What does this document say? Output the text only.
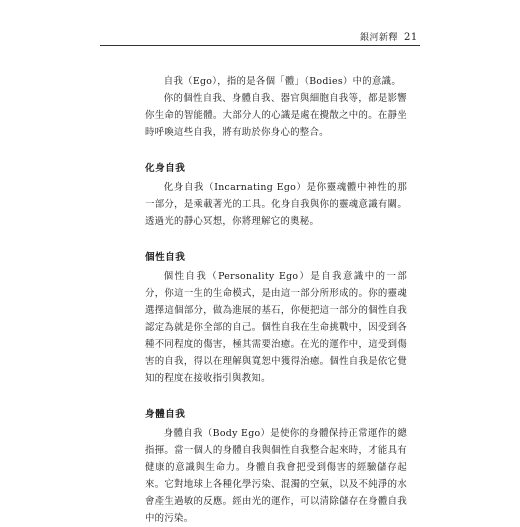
銀河新釋 21

自我（Ego），指的是各個「體」（Bodies）中的意識。

你的個性自我、身體自我、器官與細胞自我等，都是影響你生命的智能體。大部分人的心識是處在攪散之中的。在靜坐時呼喚這些自我，將有助於你身心的整合。

化身自我

化身自我（Incarnating Ego）是你靈魂體中神性的那一部分，是乘載著光的工具。化身自我與你的靈魂意識有關。透過光的靜心冥想，你將理解它的奧秘。

個性自我

個性自我（Personality Ego）是自我意識中的一部分，你這一生的生命模式，是由這一部分所形成的。你的靈魂選擇這個部分，做為進展的基石，你便把這一部分的個性自我認定為就是你全部的自己。個性自我在生命挑戰中，因受到各種不同程度的傷害，極其需要治癒。在光的運作中，這受到傷害的自我，得以在理解與寬恕中獲得治癒。個性自我是依它覺知的程度在接收指引與教知。

身體自我

身體自我（Body Ego）是使你的身體保持正常運作的總指揮。當一個人的身體自我與個性自我整合起來時，才能具有健康的意識與生命力。身體自我會把受到傷害的經驗儲存起來。它對地球上各種化學污染、混濁的空氣，以及不純淨的水會產生過敏的反應。經由光的運作，可以清除儲存在身體自我中的污染。
